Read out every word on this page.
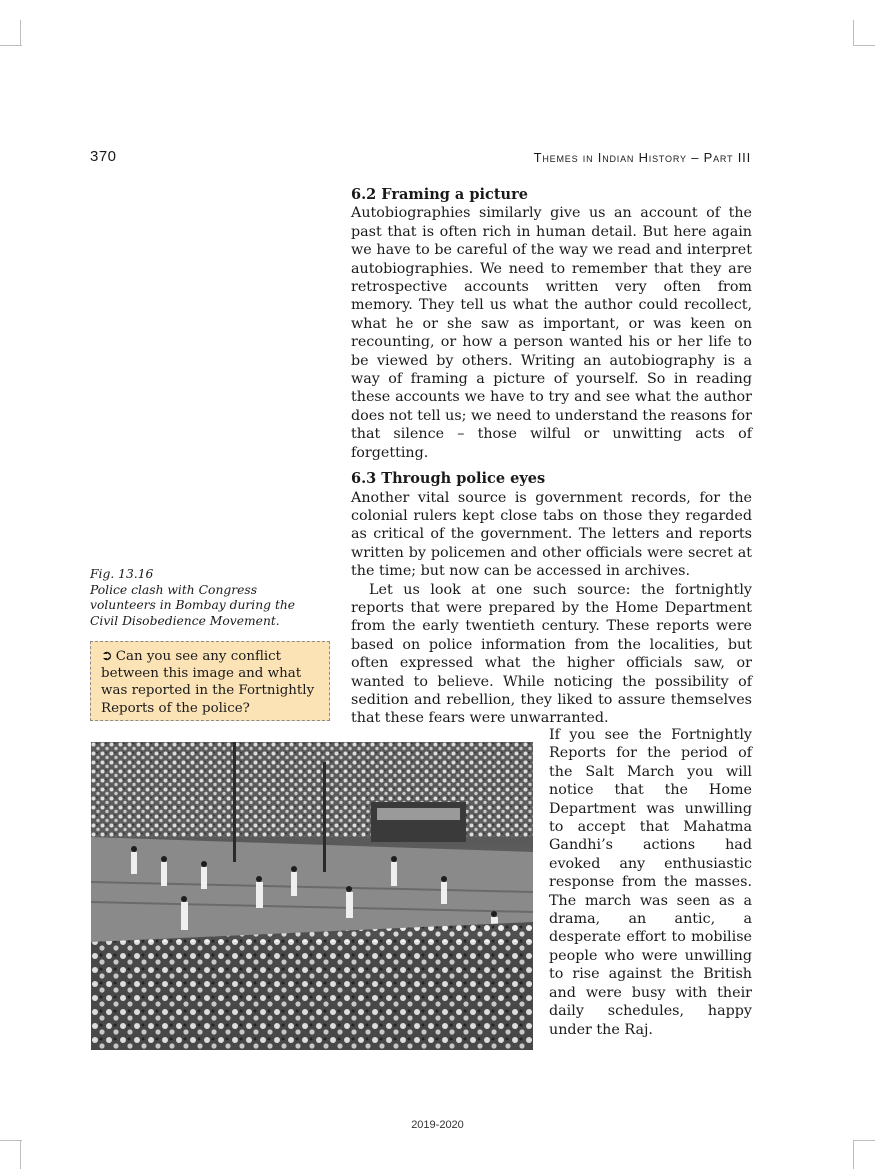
370	Themes in Indian History – Part III
6.2 Framing a picture

Autobiographies similarly give us an account of the past that is often rich in human detail. But here again we have to be careful of the way we read and interpret autobiographies. We need to remember that they are retrospective accounts written very often from memory. They tell us what the author could recollect, what he or she saw as important, or was keen on recounting, or how a person wanted his or her life to be viewed by others. Writing an autobiography is a way of framing a picture of yourself. So in reading these accounts we have to try and see what the author does not tell us; we need to understand the reasons for that silence – those wilful or unwitting acts of forgetting.

6.3 Through police eyes

Another vital source is government records, for the colonial rulers kept close tabs on those they regarded as critical of the government. The letters and reports written by policemen and other officials were secret at the time; but now can be accessed in archives.

Let us look at one such source: the fortnightly reports that were prepared by the Home Department from the early twentieth century. These reports were based on police information from the localities, but often expressed what the higher officials saw, or wanted to believe. While noticing the possibility of sedition and rebellion, they liked to assure themselves that these fears were unwarranted.

Fig. 13.16

Police clash with Congress volunteers in Bombay during the Civil Disobedience Movement.

➲ Can you see any conflict between this image and what was reported in the Fortnightly Reports of the police?

If you see the Fortnightly Reports for the period of the Salt March you will notice that the Home Department was unwilling to accept that Mahatma Gandhi’s actions had evoked any enthusiastic response from the masses. The march was seen as a drama, an antic, a desperate effort to mobilise people who were unwilling to rise against the British and were busy with their daily schedules, happy under the Raj.

2019-2020
